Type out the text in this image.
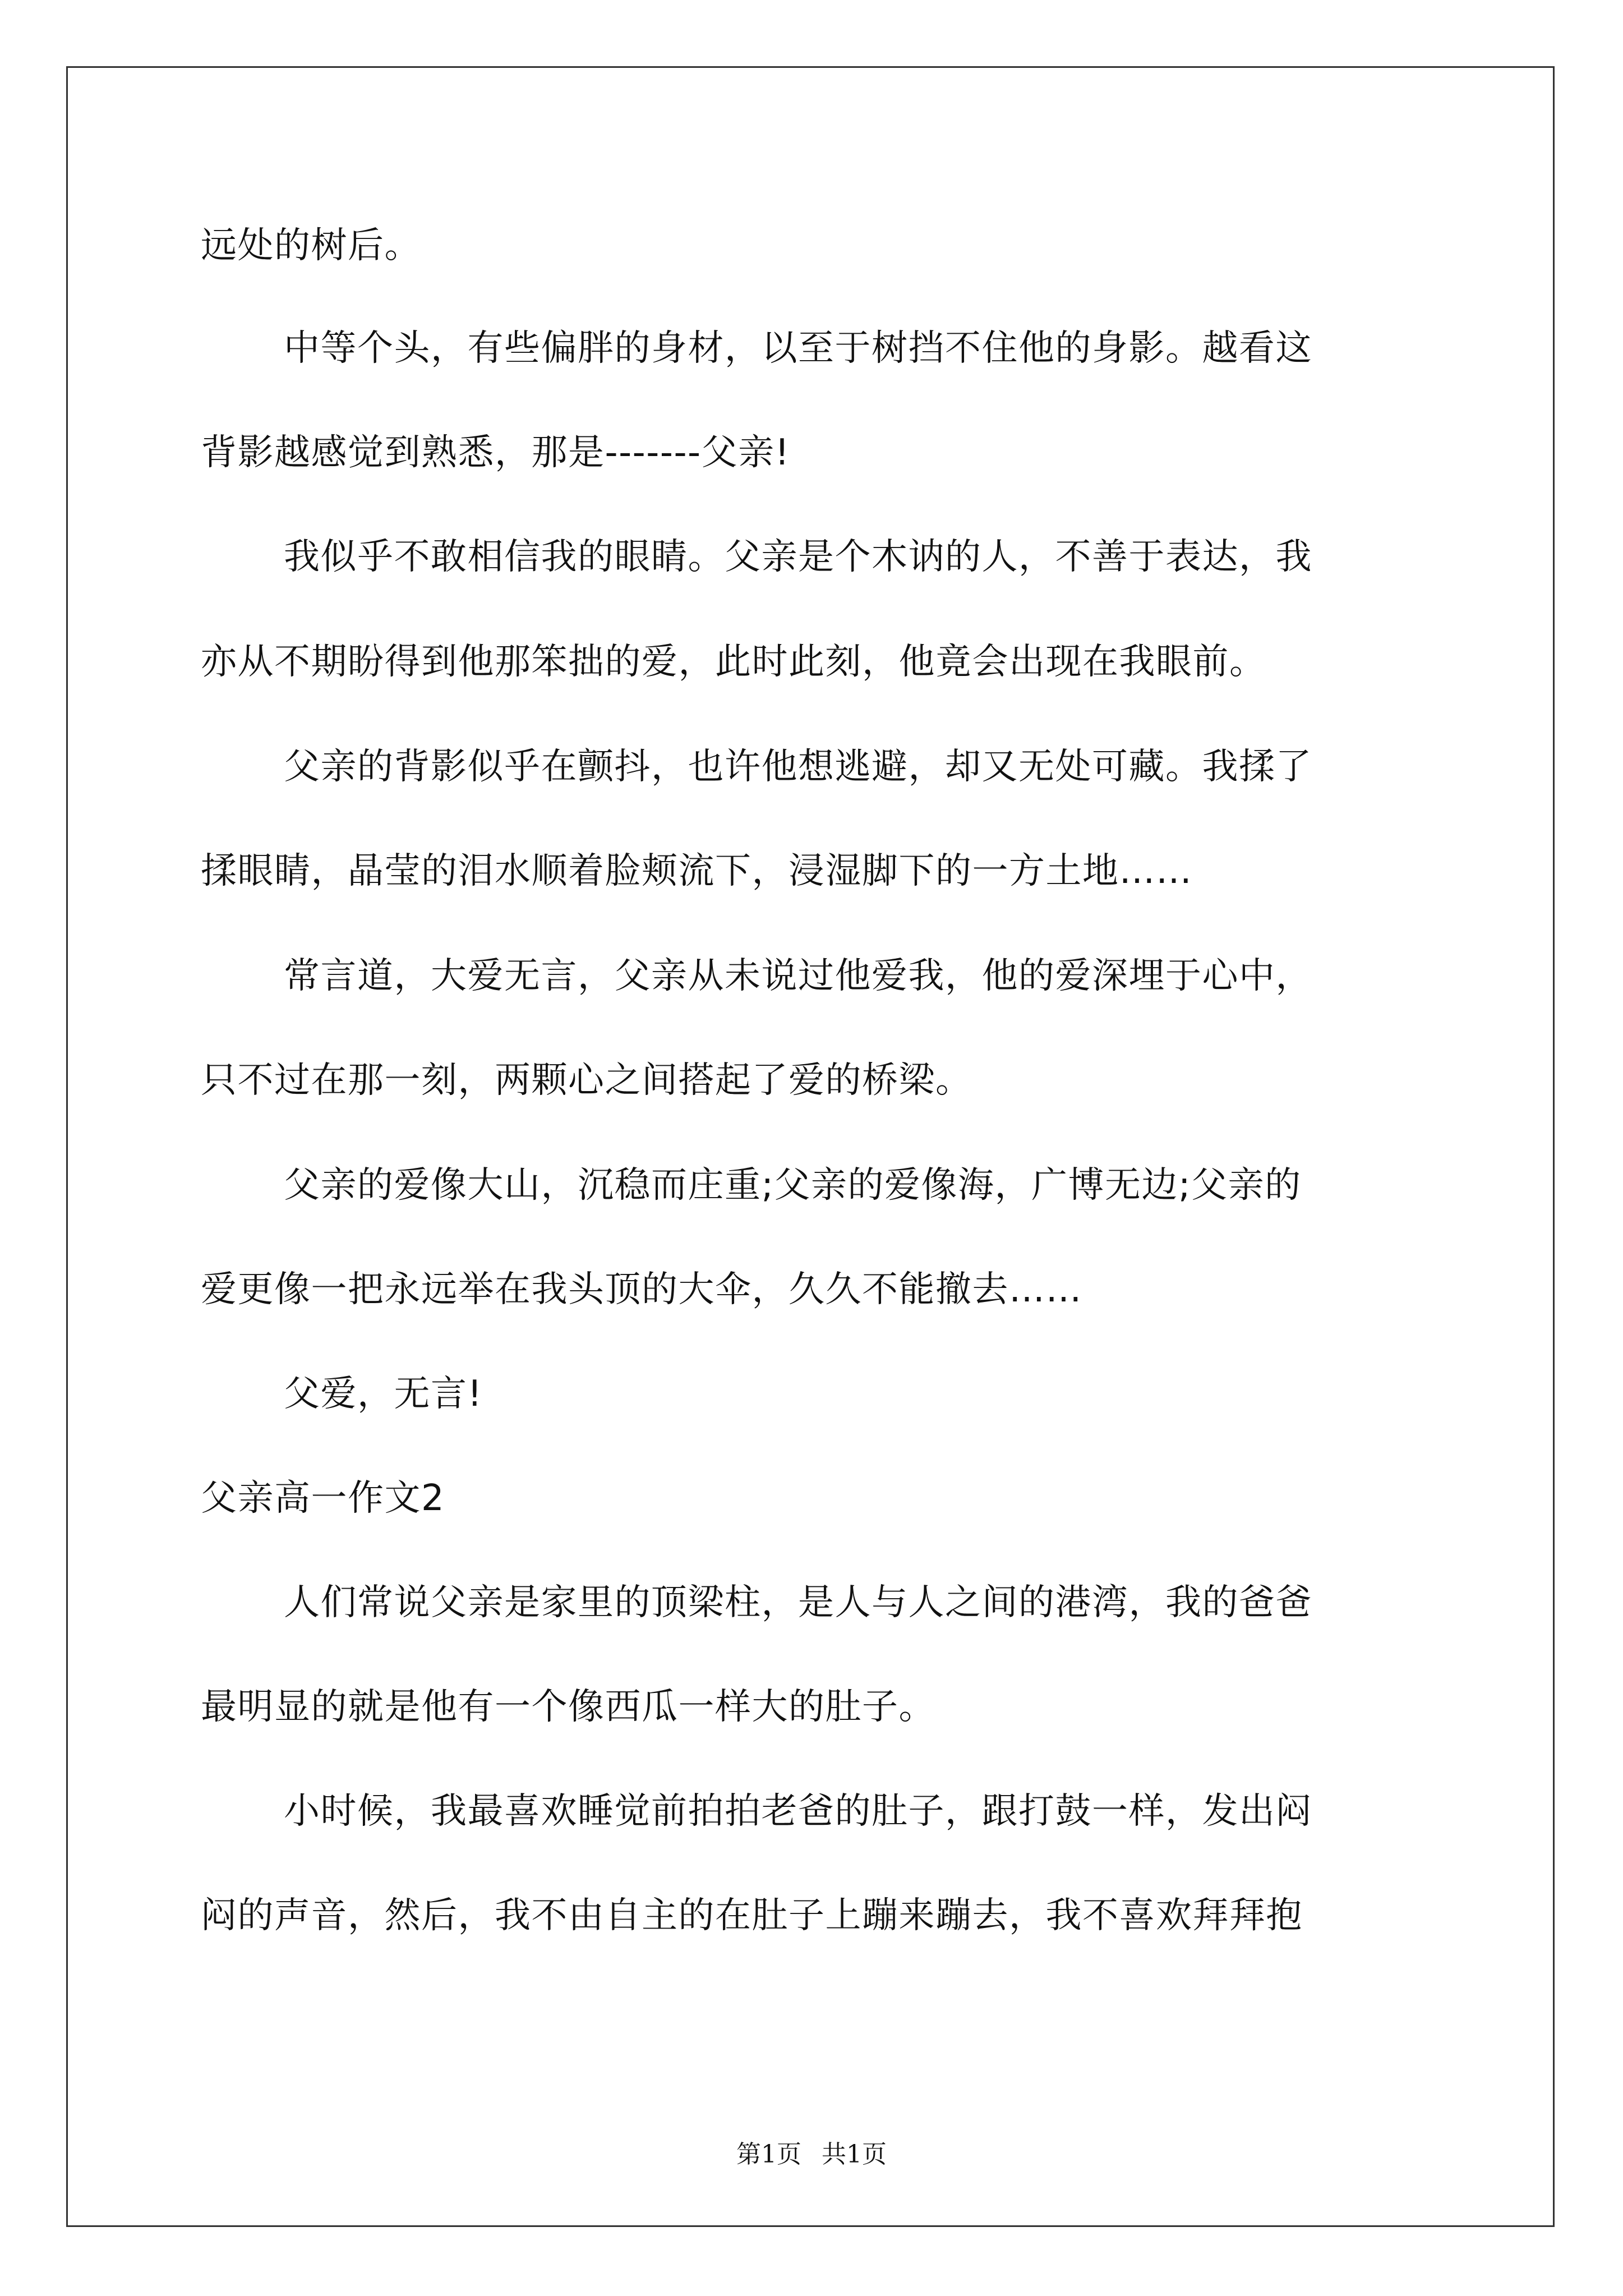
远处的树后。
中等个头，有些偏胖的身材，以至于树挡不住他的身影。越看这
背影越感觉到熟悉，那是-------父亲!
我似乎不敢相信我的眼睛。父亲是个木讷的人，不善于表达，我
亦从不期盼得到他那笨拙的爱，此时此刻，他竟会出现在我眼前。
父亲的背影似乎在颤抖，也许他想逃避，却又无处可藏。我揉了
揉眼睛，晶莹的泪水顺着脸颊流下，浸湿脚下的一方土地……
常言道，大爱无言，父亲从未说过他爱我，他的爱深埋于心中，
只不过在那一刻，两颗心之间搭起了爱的桥梁。
父亲的爱像大山，沉稳而庄重;父亲的爱像海，广博无边;父亲的
爱更像一把永远举在我头顶的大伞，久久不能撤去……
父爱，无言!
父亲高一作文2
人们常说父亲是家里的顶梁柱，是人与人之间的港湾，我的爸爸
最明显的就是他有一个像西瓜一样大的肚子。
小时候，我最喜欢睡觉前拍拍老爸的肚子，跟打鼓一样，发出闷
闷的声音，然后，我不由自主的在肚子上蹦来蹦去，我不喜欢拜拜抱
第1页 共1页
